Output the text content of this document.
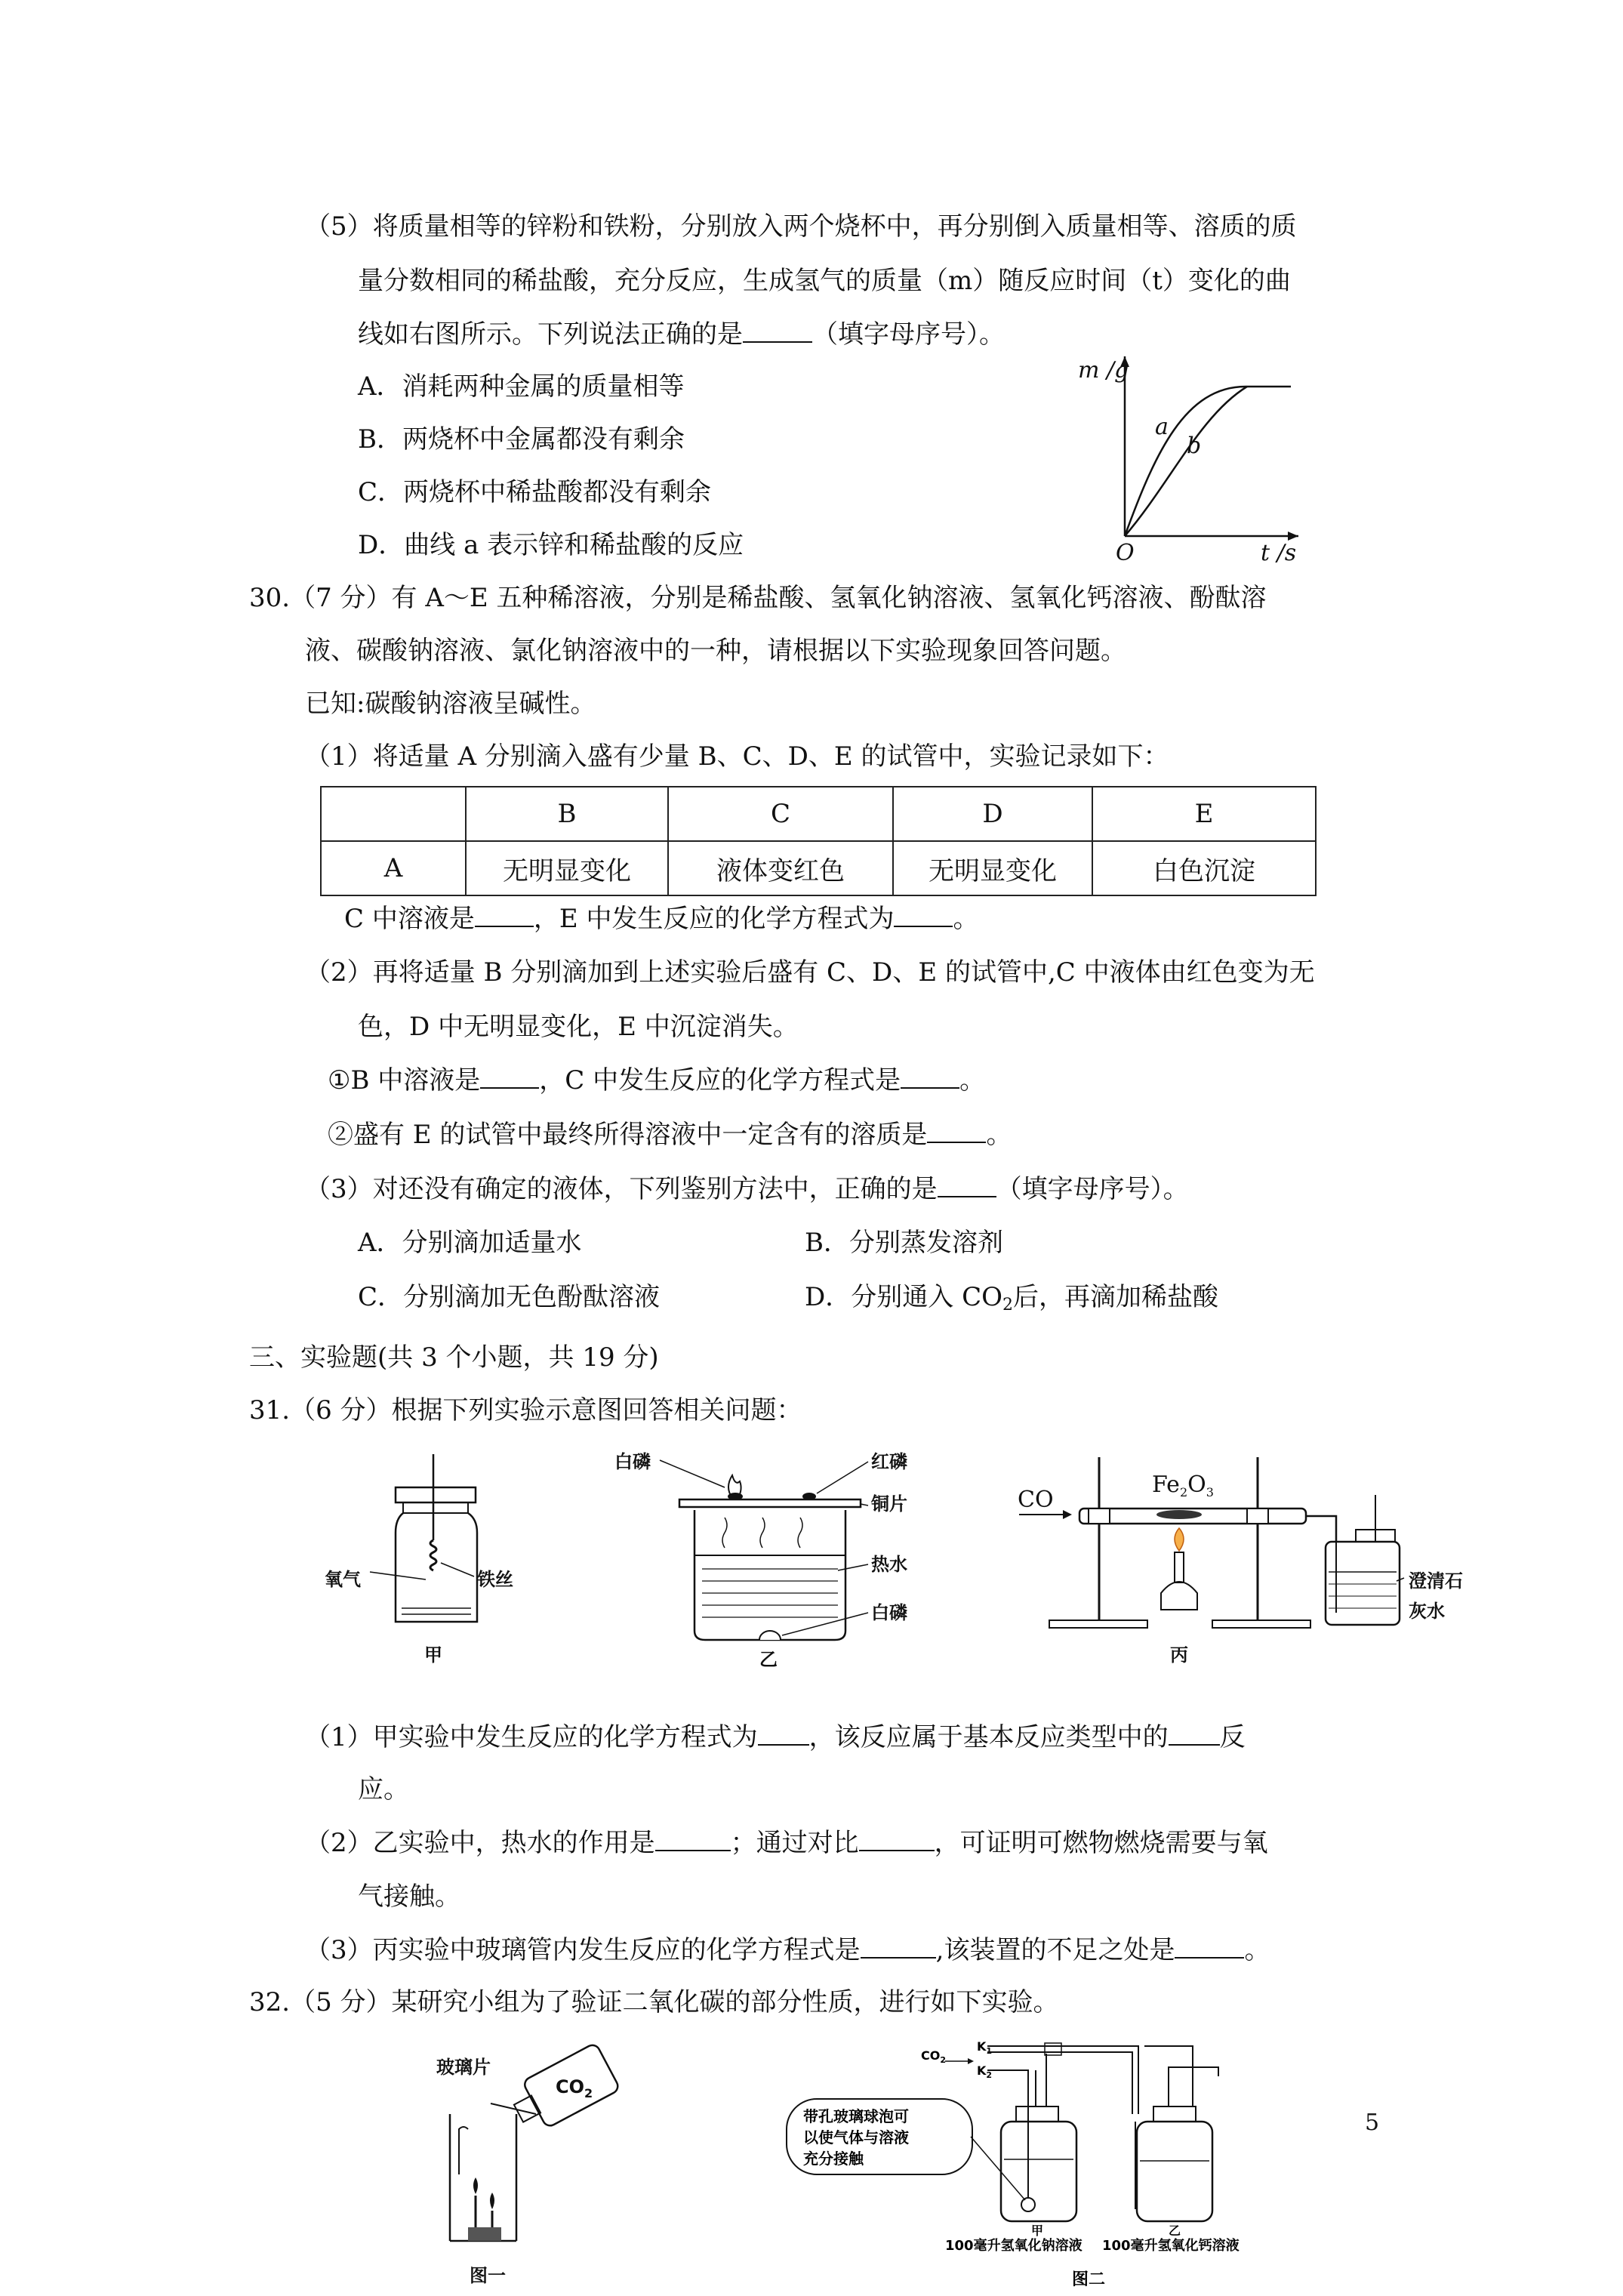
（5）将质量相等的锌粉和铁粉，分别放入两个烧杯中，再分别倒入质量相等、溶质的质
量分数相同的稀盐酸，充分反应，生成氢气的质量（m）随反应时间（t）变化的曲
线如右图所示。下列说法正确的是	（填字母序号）。
A．消耗两种金属的质量相等
B．两烧杯中金属都没有剩余
C．两烧杯中稀盐酸都没有剩余
D．曲线 a 表示锌和稀盐酸的反应
m /g
O	t /s
a
b
30.（7 分）有 A～E 五种稀溶液，分别是稀盐酸、氢氧化钠溶液、氢氧化钙溶液、酚酞溶
液、碳酸钠溶液、氯化钠溶液中的一种，请根据以下实验现象回答问题。
已知:碳酸钠溶液呈碱性。
（1）将适量 A 分别滴入盛有少量 B、C、D、E 的试管中，实验记录如下：
	B	C	D	E
A	无明显变化	液体变红色	无明显变化	白色沉淀
C 中溶液是 ，E 中发生反应的化学方程式为 。
（2）再将适量 B 分别滴加到上述实验后盛有 C、D、E 的试管中,C 中液体由红色变为无
色，D 中无明显变化，E 中沉淀消失。
①B 中溶液是 ，C 中发生反应的化学方程式是 。
②盛有 E 的试管中最终所得溶液中一定含有的溶质是 。
（3）对还没有确定的液体，下列鉴别方法中，正确的是 （填字母序号）。
A．分别滴加适量水	B．分别蒸发溶剂
C．分别滴加无色酚酞溶液	D．分别通入 $CO_2$后，再滴加稀盐酸
三、实验题(共 3 个小题，共 19 分)
31.（6 分）根据下列实验示意图回答相关问题：
氧气	铁丝
甲
白磷	红磷
铜片
热水
白磷
乙
CO
$Fe_2O_3$
澄清石
灰水
丙
（1）甲实验中发生反应的化学方程式为 ，该反应属于基本反应类型中的 反
应。
（2）乙实验中，热水的作用是	；通过对比	，可证明可燃物燃烧需要与氧
气接触。
（3）丙实验中玻璃管内发生反应的化学方程式是	,该装置的不足之处是	。
32.（5 分）某研究小组为了验证二氧化碳的部分性质，进行如下实验。
玻璃片
$CO_2$
图一
$CO_2$
$K_1$
$K_2$
带孔玻璃球泡可
以使气体与溶液
充分接触
甲	乙
100毫升氢氧化钠溶液 100毫升氢氧化钙溶液
图二
5
